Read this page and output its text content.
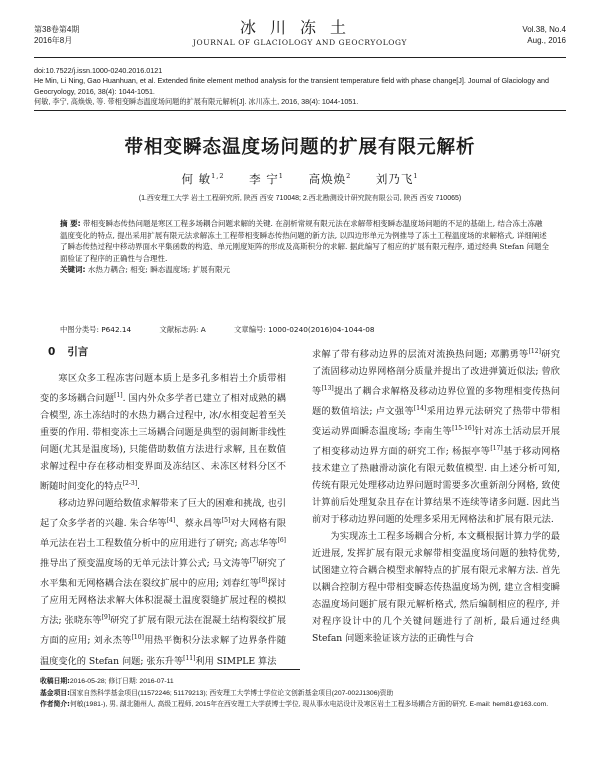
第38卷第4期
2016年8月
冰川冻土
JOURNAL OF GLACIOLOGY AND GEOCRYOLOGY
Vol.38, No.4
Aug., 2016
doi:10.7522/j.issn.1000-0240.2016.0121
He Min, Li Ning, Gao Huanhuan, et al. Extended finite element method analysis for the transient temperature field with phase change[J]. Journal of Glaciology and Geocryology, 2016, 38(4): 1044-1051.
何敏, 李宁, 高焕焕, 等. 带相变瞬态温度场问题的扩展有限元解析[J]. 冰川冻土, 2016, 38(4): 1044-1051.
带相变瞬态温度场问题的扩展有限元解析
何 敏$^{1,2}$ 李 宁$^1$ 高焕焕$^2$ 刘乃飞$^1$
(1.西安理工大学 岩土工程研究所, 陕西 西安 710048; 2.西北勘测设计研究院有限公司, 陕西 西安 710065)
摘 要: 带相变瞬态传热问题是寒区工程多场耦合问题求解的关键. 在剖析常规有限元法在求解带相变瞬态温度场问题的不足的基础上, 结合冻土冻融温度变化的特点, 提出采用扩展有限元法求解冻土工程带相变瞬态传热问题的新方法, 以四边形单元为例推导了冻土工程温度场的求解格式, 详细阐述了瞬态传热过程中移动界面水平集函数的构造、单元刚度矩阵的形成及高斯积分的求解. 据此编写了相应的扩展有限元程序, 通过经典 Stefan 问题全面验证了程序的正确性与合理性.
关键词: 水热力耦合; 相变; 瞬态温度场; 扩展有限元
中图分类号: P642.14	文献标志码: A	文章编号: 1000-0240(2016)04-1044-08
0 引言

寒区众多工程冻害问题本质上是多孔多相岩土介质带相变的多场耦合问题[1]. 国内外众多学者已建立了相对成熟的耦合模型, 冻土冻结时的水热力耦合过程中, 冰/水相变起着至关重要的作用. 带相变冻土三场耦合问题是典型的弱间断非线性问题(尤其是温度场), 只能借助数值方法进行求解, 且在数值求解过程中存在移动相变界面及冻结区、未冻区材料分区不断随时间变化的特点[2-3].

移动边界问题给数值求解带来了巨大的困难和挑战, 也引起了众多学者的兴趣. 朱合华等[4]、蔡永昌等[5]对大网格有限单元法在岩土工程数值分析中的应用进行了研究; 高志华等[6]推导出了预变温度场的无单元法计算公式; 马文涛等[7]研究了水平集和无网格耦合法在裂纹扩展中的应用; 刘春红等[8]探讨了应用无网格法求解大体积混凝土温度裂缝扩展过程的模拟方法; 张晓东等[9]研究了扩展有限元法在混凝土结构裂纹扩展方面的应用; 刘永杰等[10]用热平衡积分法求解了边界条件随温度变化的 Stefan 问题; 张东升等[11]利用 SIMPLE 算法

求解了带有移动边界的层流对流换热问题; 邓鹏勇等[12]研究了流固移动边界网格剖分质量并提出了改进弹簧近似法; 曾欣等[13]提出了耦合求解格及移动边界位置的多物理相变传热问题的数值培法; 卢文强等[14]采用边界元法研究了热带中带相变运动界面瞬态温度场; 李南生等[15-16]针对冻土活动层开展了相变移动边界方面的研究工作; 杨振亭等[17]基于移动网格技术建立了热融滑动演化有限元数值模型. 由上述分析可知, 传统有限元处理移动边界问题时需要多次重新剖分网格, 致使计算前后处理复杂且存在计算结果不连续等诸多问题. 因此当前对于移动边界问题的处理多采用无网格法和扩展有限元法.

为实现冻土工程多场耦合分析, 本文概根据计算力学的最近进展, 发挥扩展有限元求解带相变温度场问题的独特优势, 试图建立符合耦合模型求解特点的扩展有限元求解方法. 首先以耦合控制方程中带相变瞬态传热温度场为例, 建立含相变瞬态温度场问题扩展有限元解析格式, 然后编制相应的程序, 并对程序设计中的几个关键问题进行了剖析, 最后通过经典 Stefan 问题来验证该方法的正确性与合

收稿日期:2016-05-28; 修订日期: 2016-07-11
基金项目:国家自然科学基金项目(11572246; 51179213); 西安理工大学博士学位论文创新基金项目(207-002J1306)资助
作者简介:何敏(1981-), 男, 湖北随州人, 高级工程师, 2015年在西安理工大学获博士学位, 现从事水电站设计及寒区岩土工程多场耦合方面的研究. E-mail: hem81@163.com.
